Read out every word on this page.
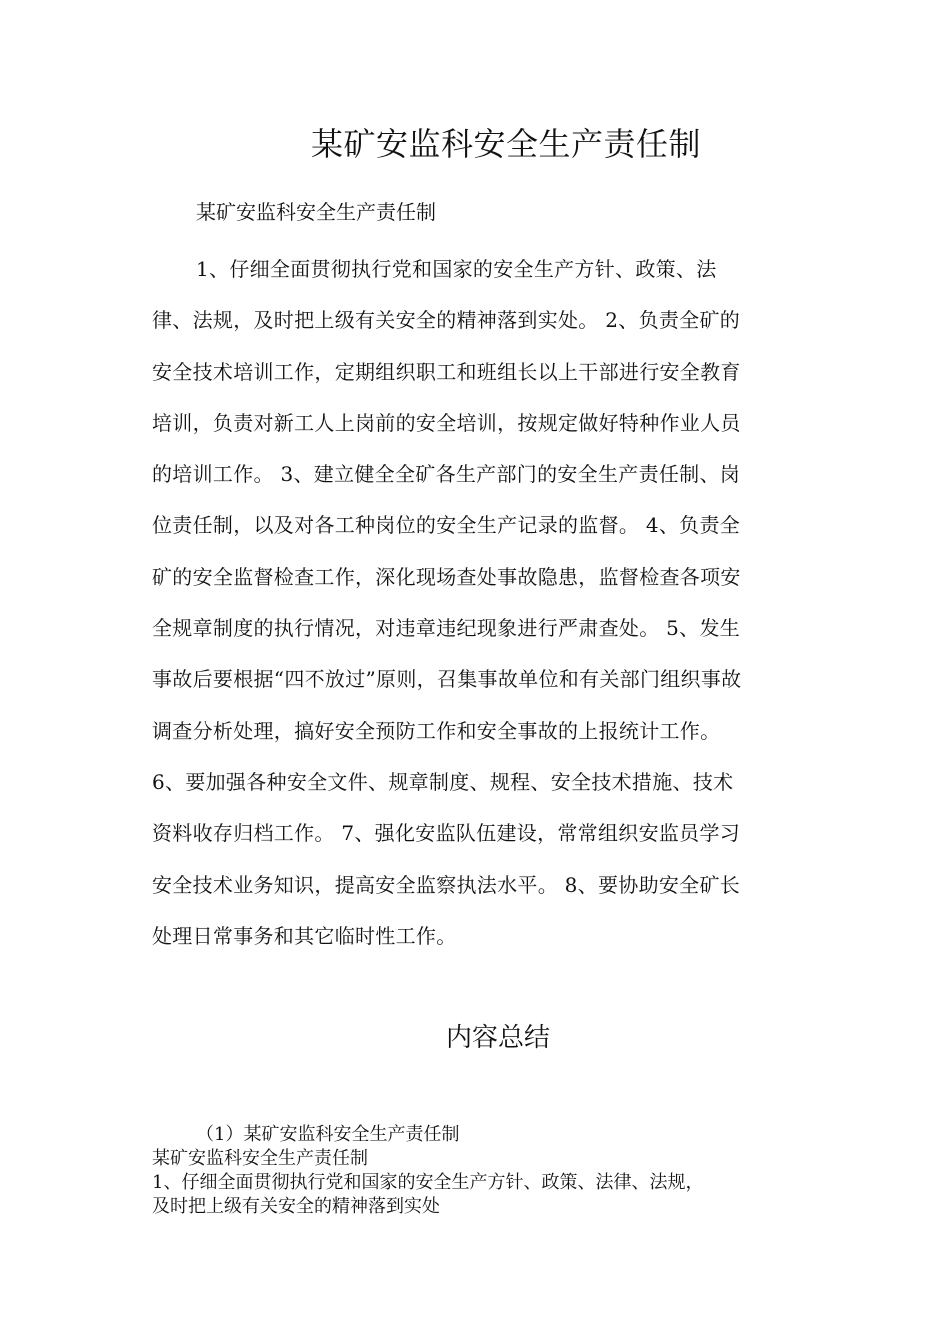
某矿安监科安全生产责任制

某矿安监科安全生产责任制

1、仔细全面贯彻执行党和国家的安全生产方针、政策、法
律、法规，及时把上级有关安全的精神落到实处。 2、负责全矿的
安全技术培训工作，定期组织职工和班组长以上干部进行安全教育
培训，负责对新工人上岗前的安全培训，按规定做好特种作业人员
的培训工作。 3、建立健全全矿各生产部门的安全生产责任制、岗
位责任制，以及对各工种岗位的安全生产记录的监督。 4、负责全
矿的安全监督检查工作，深化现场查处事故隐患，监督检查各项安
全规章制度的执行情况，对违章违纪现象进行严肃查处。 5、发生
事故后要根据“四不放过”原则，召集事故单位和有关部门组织事故
调查分析处理，搞好安全预防工作和安全事故的上报统计工作。
6、要加强各种安全文件、规章制度、规程、安全技术措施、技术
资料收存归档工作。 7、强化安监队伍建设，常常组织安监员学习
安全技术业务知识，提高安全监察执法水平。 8、要协助安全矿长
处理日常事务和其它临时性工作。
内容总结
（1）某矿安监科安全生产责任制
某矿安监科安全生产责任制
1、仔细全面贯彻执行党和国家的安全生产方针、政策、法律、法规，
及时把上级有关安全的精神落到实处
